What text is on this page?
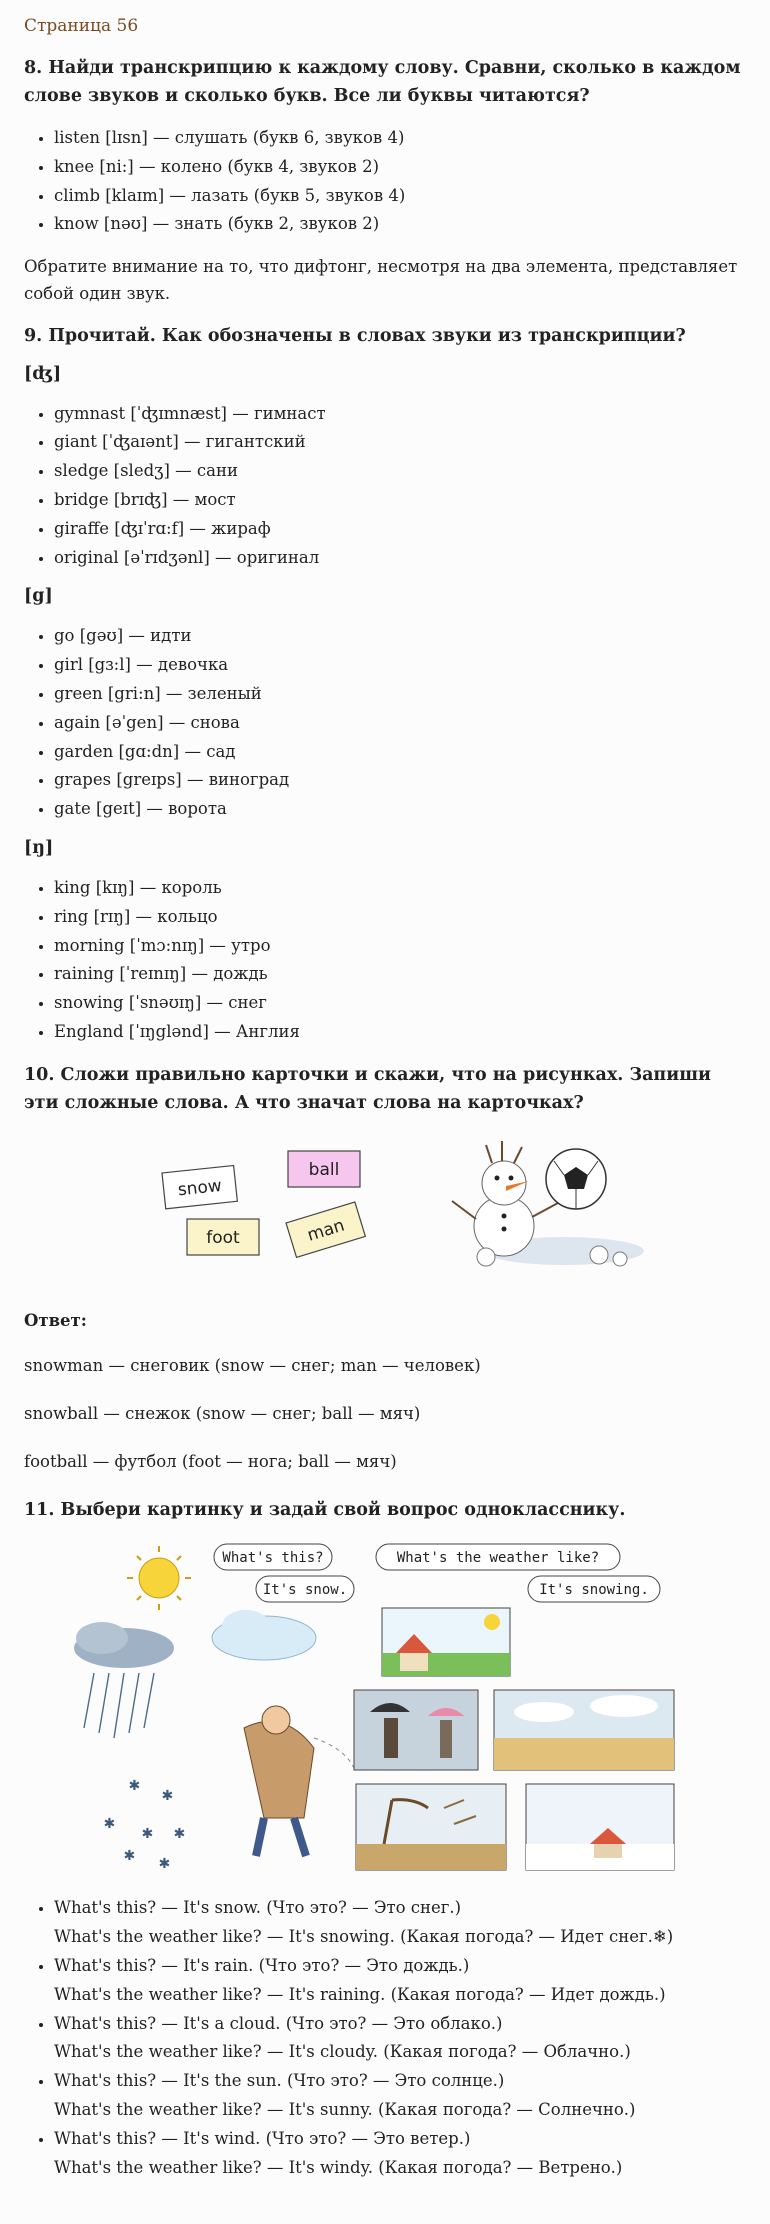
Страница 56
8. Найди транскрипцию к каждому слову. Сравни, сколько в каждом слове звуков и сколько букв. Все ли буквы читаются?
• listen [lɪsn] — слушать (букв 6, звуков 4)
• knee [ni:] — колено (букв 4, звуков 2)
• climb [klaɪm] — лазать (букв 5, звуков 4)
• know [nəʊ] — знать (букв 2, звуков 2)

Обратите внимание на то, что дифтонг, несмотря на два элемента, представляет собой один звук.

9. Прочитай. Как обозначены в словах звуки из транскрипции?
[ʤ]
• gymnast [ˈʤɪmnæst] — гимнаст
• giant [ˈʤaɪənt] — гигантский
• sledge [sledʒ] — сани
• bridge [brɪʤ] — мост
• giraffe [ʤɪˈrɑ:f] — жираф
• original [əˈrɪdʒənl] — оригинал
[g]
• go [gəʊ] — идти
• girl [gɜ:l] — девочка
• green [gri:n] — зеленый
• again [əˈgen] — снова
• garden [gɑ:dn] — сад
• grapes [greɪps] — виноград
• gate [geɪt] — ворота
[ŋ]
• king [kɪŋ] — король
• ring [rɪŋ] — кольцо
• morning [ˈmɔ:nɪŋ] — утро
• raining [ˈreɪnɪŋ] — дождь
• snowing [ˈsnəʊɪŋ] — снег
• England [ˈɪŋglənd] — Англия
10. Сложи правильно карточки и скажи, что на рисунках. Запиши эти сложные слова. А что значат слова на карточках?
snow
ball
foot	man
Ответ:

snowman — снеговик (snow — снег; man — человек)

snowball — снежок (snow — снег; ball — мяч)

football — футбол (foot — нога; ball — мяч)

11. Выбери картинку и задай свой вопрос однокласснику.
What's this?
It's snow.
What's the weather like?
It's snowing.
✱ ✱
✱ ✱ ✱
✱ ✱
• What's this? — It's snow. (Что это? — Это снег.)
What's the weather like? — It's snowing. (Какая погода? — Идет снег.❄)
• What's this? — It's rain. (Что это? — Это дождь.)
What's the weather like? — It's raining. (Какая погода? — Идет дождь.)
• What's this? — It's a cloud. (Что это? — Это облако.)
What's the weather like? — It's cloudy. (Какая погода? — Облачно.)
• What's this? — It's the sun. (Что это? — Это солнце.)
What's the weather like? — It's sunny. (Какая погода? — Солнечно.)
• What's this? — It's wind. (Что это? — Это ветер.)
What's the weather like? — It's windy. (Какая погода? — Ветрено.)
